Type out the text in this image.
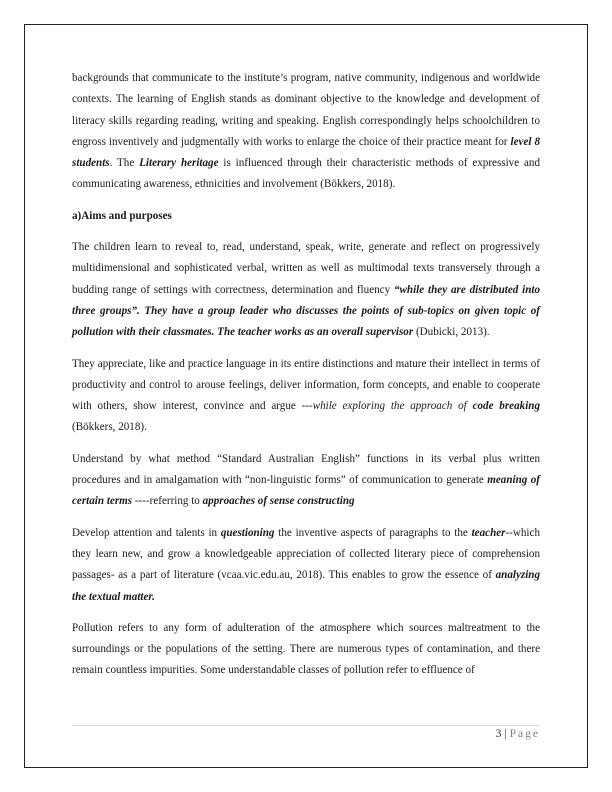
backgrounds that communicate to the institute’s program, native community, indigenous and worldwide contexts. The learning of English stands as dominant objective to the knowledge and development of literacy skills regarding reading, writing and speaking. English correspondingly helps schoolchildren to engross inventively and judgmentally with works to enlarge the choice of their practice meant for level 8 students. The Literary heritage is influenced through their characteristic methods of expressive and communicating awareness, ethnicities and involvement (Bökkers, 2018).

a)Aims and purposes

The children learn to reveal to, read, understand, speak, write, generate and reflect on progressively multidimensional and sophisticated verbal, written as well as multimodal texts transversely through a budding range of settings with correctness, determination and fluency “while they are distributed into three groups”. They have a group leader who discusses the points of sub-topics on given topic of pollution with their classmates. The teacher works as an overall supervisor (Dubicki, 2013).

They appreciate, like and practice language in its entire distinctions and mature their intellect in terms of productivity and control to arouse feelings, deliver information, form concepts, and enable to cooperate with others, show interest, convince and argue ---while exploring the approach of code breaking (Bökkers, 2018).

Understand by what method “Standard Australian English” functions in its verbal plus written procedures and in amalgamation with “non-linguistic forms” of communication to generate meaning of certain terms ----referring to approaches of sense constructing

Develop attention and talents in questioning the inventive aspects of paragraphs to the teacher--which they learn new, and grow a knowledgeable appreciation of collected literary piece of comprehension passages- as a part of literature (vcaa.vic.edu.au, 2018). This enables to grow the essence of analyzing the textual matter.

Pollution refers to any form of adulteration of the atmosphere which sources maltreatment to the surroundings or the populations of the setting. There are numerous types of contamination, and there remain countless impurities. Some understandable classes of pollution refer to effluence of

3 | Page
